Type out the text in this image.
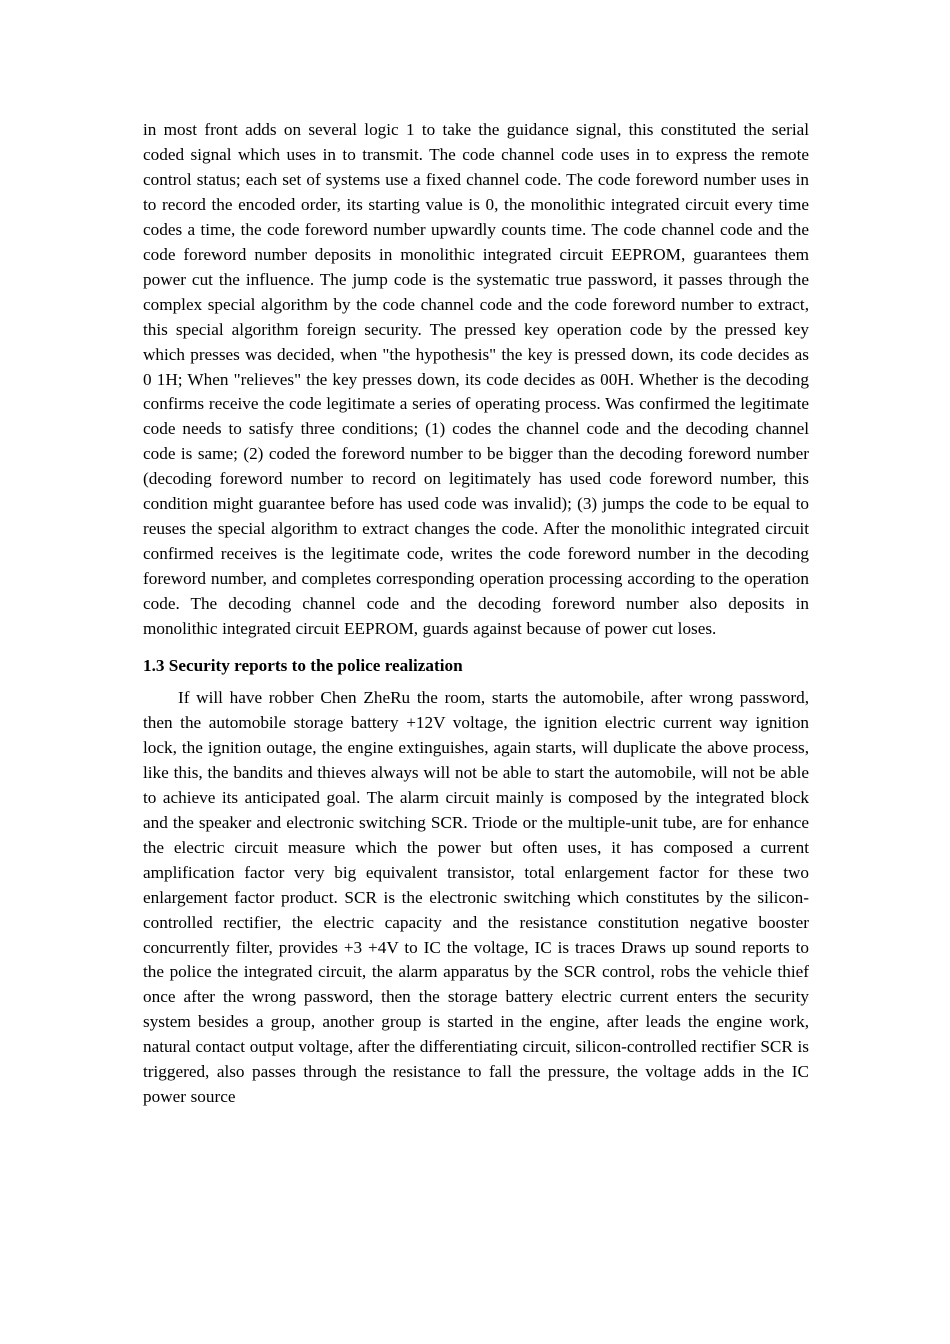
in most front adds on several logic 1 to take the guidance signal, this constituted the serial coded signal which uses in to transmit. The code channel code uses in to express the remote control status; each set of systems use a fixed channel code. The code foreword number uses in to record the encoded order, its starting value is 0, the monolithic integrated circuit every time codes a time, the code foreword number upwardly counts time. The code channel code and the code foreword number deposits in monolithic integrated circuit EEPROM, guarantees them power cut the influence. The jump code is the systematic true password, it passes through the complex special algorithm by the code channel code and the code foreword number to extract, this special algorithm foreign security. The pressed key operation code by the pressed key which presses was decided, when "the hypothesis" the key is pressed down, its code decides as 0 1H; When "relieves" the key presses down, its code decides as 00H. Whether is the decoding confirms receive the code legitimate a series of operating process. Was confirmed the legitimate code needs to satisfy three conditions; (1) codes the channel code and the decoding channel code is same; (2) coded the foreword number to be bigger than the decoding foreword number (decoding foreword number to record on legitimately has used code foreword number, this condition might guarantee before has used code was invalid); (3) jumps the code to be equal to reuses the special algorithm to extract changes the code. After the monolithic integrated circuit confirmed receives is the legitimate code, writes the code foreword number in the decoding foreword number, and completes corresponding operation processing according to the operation code. The decoding channel code and the decoding foreword number also deposits in monolithic integrated circuit EEPROM, guards against because of power cut loses.

1.3 Security reports to the police realization

If will have robber Chen ZheRu the room, starts the automobile, after wrong password, then the automobile storage battery +12V voltage, the ignition electric current way ignition lock, the ignition outage, the engine extinguishes, again starts, will duplicate the above process, like this, the bandits and thieves always will not be able to start the automobile, will not be able to achieve its anticipated goal. The alarm circuit mainly is composed by the integrated block and the speaker and electronic switching SCR. Triode or the multiple-unit tube, are for enhance the electric circuit measure which the power but often uses, it has composed a current amplification factor very big equivalent transistor, total enlargement factor for these two enlargement factor product. SCR is the electronic switching which constitutes by the silicon-controlled rectifier, the electric capacity and the resistance constitution negative booster concurrently filter, provides +3 +4V to IC the voltage, IC is traces Draws up sound reports to the police the integrated circuit, the alarm apparatus by the SCR control, robs the vehicle thief once after the wrong password, then the storage battery electric current enters the security system besides a group, another group is started in the engine, after leads the engine work, natural contact output voltage, after the differentiating circuit, silicon-controlled rectifier SCR is triggered, also passes through the resistance to fall the pressure, the voltage adds in the IC power source
